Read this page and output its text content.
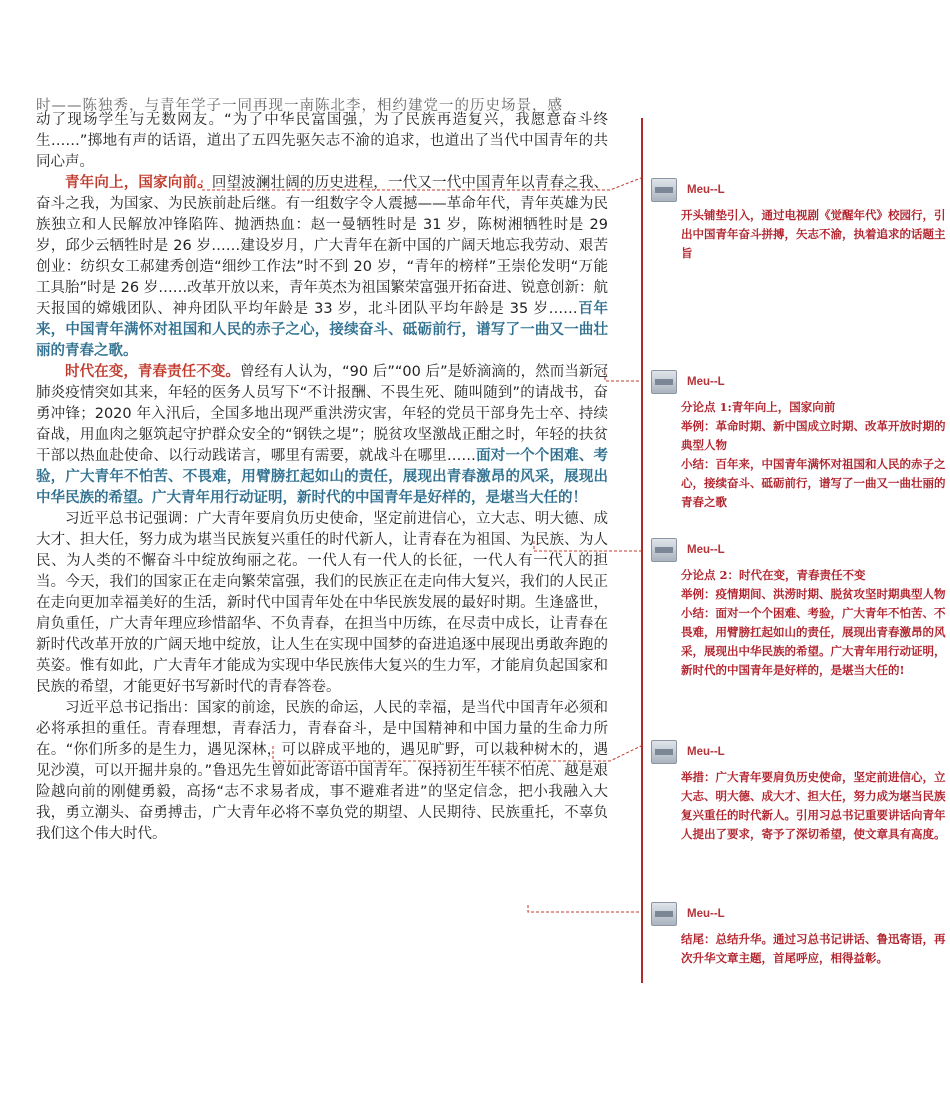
时——陈独秀，与青年学子一同再现一南陈北李，相约建党一的历史场景，感

动了现场学生与无数网友。“为了中华民富国强，为了民族再造复兴，我愿意奋斗终生……”掷地有声的话语，道出了五四先驱矢志不渝的追求，也道出了当代中国青年的共同心声。

青年向上，国家向前。回望波澜壮阔的历史进程，一代又一代中国青年以青春之我、奋斗之我，为国家、为民族前赴后继。有一组数字令人震撼——革命年代，青年英雄为民族独立和人民解放冲锋陷阵、抛洒热血：赵一曼牺牲时是 31 岁，陈树湘牺牲时是 29 岁，邱少云牺牲时是 26 岁……建设岁月，广大青年在新中国的广阔天地忘我劳动、艰苦创业：纺织女工郝建秀创造“细纱工作法”时不到 20 岁，“青年的榜样”王崇伦发明“万能工具胎”时是 26 岁……改革开放以来，青年英杰为祖国繁荣富强开拓奋进、锐意创新：航天报国的嫦娥团队、神舟团队平均年龄是 33 岁，北斗团队平均年龄是 35 岁……百年来，中国青年满怀对祖国和人民的赤子之心，接续奋斗、砥砺前行，谱写了一曲又一曲壮丽的青春之歌。

时代在变，青春责任不变。曾经有人认为，“90 后”“00 后”是娇滴滴的，然而当新冠肺炎疫情突如其来，年轻的医务人员写下“不计报酬、不畏生死、随叫随到”的请战书，奋勇冲锋；2020 年入汛后，全国多地出现严重洪涝灾害，年轻的党员干部身先士卒、持续奋战，用血肉之躯筑起守护群众安全的“钢铁之堤”；脱贫攻坚激战正酣之时，年轻的扶贫干部以热血赴使命、以行动践诺言，哪里有需要，就战斗在哪里……面对一个个困难、考验，广大青年不怕苦、不畏难，用臂膀扛起如山的责任，展现出青春激昂的风采，展现出中华民族的希望。广大青年用行动证明，新时代的中国青年是好样的，是堪当大任的！

习近平总书记强调：广大青年要肩负历史使命，坚定前进信心，立大志、明大德、成大才、担大任，努力成为堪当民族复兴重任的时代新人，让青春在为祖国、为民族、为人民、为人类的不懈奋斗中绽放绚丽之花。一代人有一代人的长征，一代人有一代人的担当。今天，我们的国家正在走向繁荣富强，我们的民族正在走向伟大复兴，我们的人民正在走向更加幸福美好的生活，新时代中国青年处在中华民族发展的最好时期。生逢盛世，肩负重任，广大青年理应珍惜韶华、不负青春，在担当中历练，在尽责中成长，让青春在新时代改革开放的广阔天地中绽放，让人生在实现中国梦的奋进追逐中展现出勇敢奔跑的英姿。惟有如此，广大青年才能成为实现中华民族伟大复兴的生力军，才能肩负起国家和民族的希望，才能更好书写新时代的青春答卷。

习近平总书记指出：国家的前途，民族的命运，人民的幸福，是当代中国青年必须和必将承担的重任。青春理想，青春活力，青春奋斗，是中国精神和中国力量的生命力所在。“你们所多的是生力，遇见深林，可以辟成平地的，遇见旷野，可以栽种树木的，遇见沙漠，可以开掘井泉的。”鲁迅先生曾如此寄语中国青年。保持初生牛犊不怕虎、越是艰险越向前的刚健勇毅，高扬“志不求易者成，事不避难者进”的坚定信念，把小我融入大我，勇立潮头、奋勇搏击，广大青年必将不辜负党的期望、人民期待、民族重托，不辜负我们这个伟大时代。

Meu--L
开头铺垫引入，通过电视剧《觉醒年代》校园行，引出中国青年奋斗拼搏，矢志不渝，执着追求的话题主旨
Meu--L
分论点 1:青年向上，国家向前
举例：革命时期、新中国成立时期、改革开放时期的典型人物
小结：百年来，中国青年满怀对祖国和人民的赤子之心，接续奋斗、砥砺前行，谱写了一曲又一曲壮丽的青春之歌
Meu--L
分论点 2：时代在变，青春责任不变
举例：疫情期间、洪涝时期、脱贫攻坚时期典型人物
小结：面对一个个困难、考验，广大青年不怕苦、不畏难，用臂膀扛起如山的责任，展现出青春激昂的风采，展现出中华民族的希望。广大青年用行动证明，新时代的中国青年是好样的，是堪当大任的!
Meu--L
举措：广大青年要肩负历史使命，坚定前进信心，立大志、明大德、成大才、担大任，努力成为堪当民族复兴重任的时代新人。引用习总书记重要讲话向青年人提出了要求，寄予了深切希望，使文章具有高度。
Meu--L
结尾：总结升华。通过习总书记讲话、鲁迅寄语，再次升华文章主题，首尾呼应，相得益彰。
